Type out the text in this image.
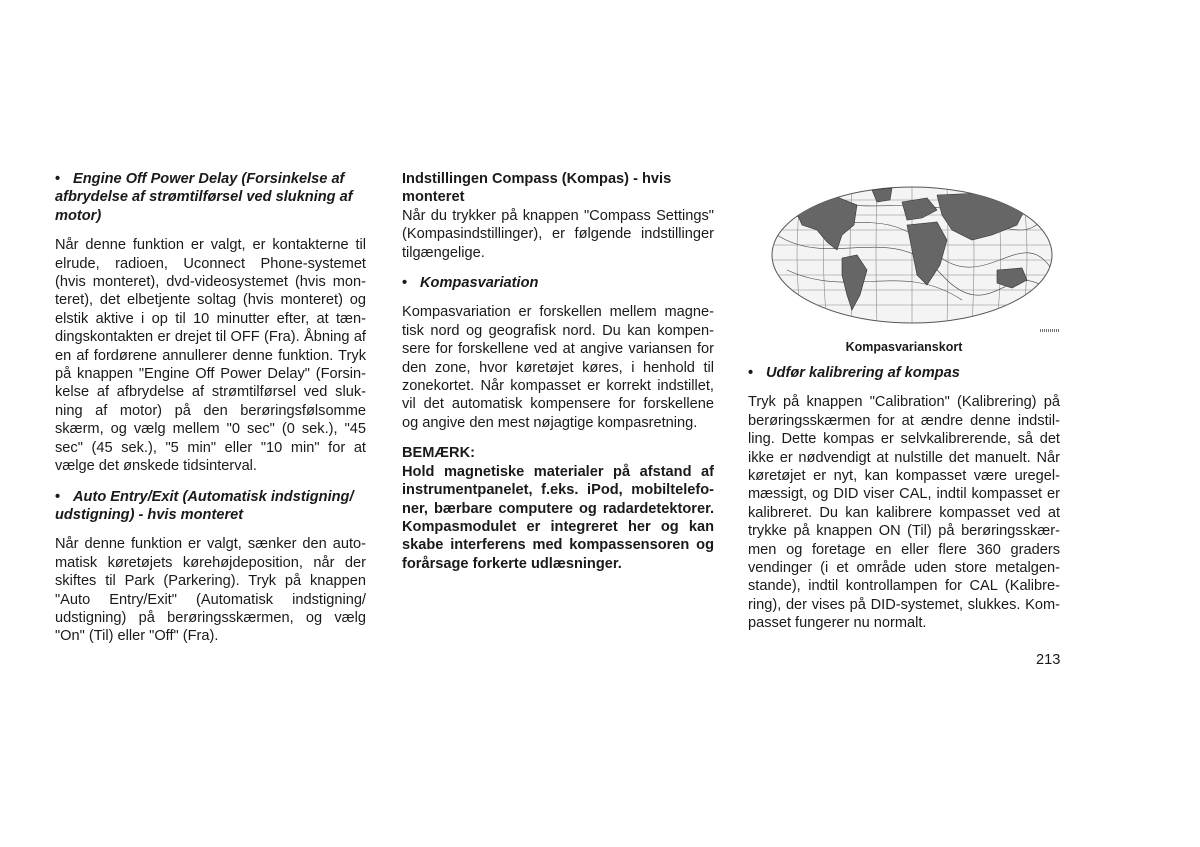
• Engine Off Power Delay (Forsinkelse af afbrydelse af strømtilførsel ved slukning af motor)

Når denne funktion er valgt, er kontakterne til elrude, radioen, Uconnect Phone-systemet (hvis monteret), dvd-videosystemet (hvis mon-teret), det elbetjente soltag (hvis monteret) og elstik aktive i op til 10 minutter efter, at tæn-dingskontakten er drejet til OFF (Fra). Åbning af en af fordørene annullerer denne funktion. Tryk på knappen "Engine Off Power Delay" (Forsin-kelse af afbrydelse af strømtilførsel ved sluk-ning af motor) på den berøringsfølsomme skærm, og vælg mellem "0 sec" (0 sek.), "45 sec" (45 sek.), "5 min" eller "10 min" for at vælge det ønskede tidsinterval.

• Auto Entry/Exit (Automatisk indstigning/ udstigning) - hvis monteret

Når denne funktion er valgt, sænker den auto-matisk køretøjets kørehøjdeposition, når der skiftes til Park (Parkering). Tryk på knappen "Auto Entry/Exit" (Automatisk indstigning/ udstigning) på berøringsskærmen, og vælg "On" (Til) eller "Off" (Fra).

Indstillingen Compass (Kompas) - hvis monteret

Når du trykker på knappen "Compass Settings" (Kompasindstillinger), er følgende indstillinger tilgængelige.

• Kompasvariation

Kompasvariation er forskellen mellem magne-tisk nord og geografisk nord. Du kan kompen-sere for forskellene ved at angive variansen for den zone, hvor køretøjet køres, i henhold til zonekortet. Når kompasset er korrekt indstillet, vil det automatisk kompensere for forskellene og angive den mest nøjagtige kompasretning.

BEMÆRK:

Hold magnetiske materialer på afstand af instrumentpanelet, f.eks. iPod, mobiltelefo-ner, bærbare computere og radardetektorer. Kompasmodulet er integreret her og kan skabe interferens med kompassensoren og forårsage forkerte udlæsninger.

Kompasvarianskort

• Udfør kalibrering af kompas

Tryk på knappen "Calibration" (Kalibrering) på berøringsskærmen for at ændre denne indstil-ling. Dette kompas er selvkalibrerende, så det ikke er nødvendigt at nulstille det manuelt. Når køretøjet er nyt, kan kompasset være uregel-mæssigt, og DID viser CAL, indtil kompasset er kalibreret. Du kan kalibrere kompasset ved at trykke på knappen ON (Til) på berøringsskær-men og foretage en eller flere 360 graders vendinger (i et område uden store metalgen-stande), indtil kontrollampen for CAL (Kalibre-ring), der vises på DID-systemet, slukkes. Kom-passet fungerer nu normalt.

213
